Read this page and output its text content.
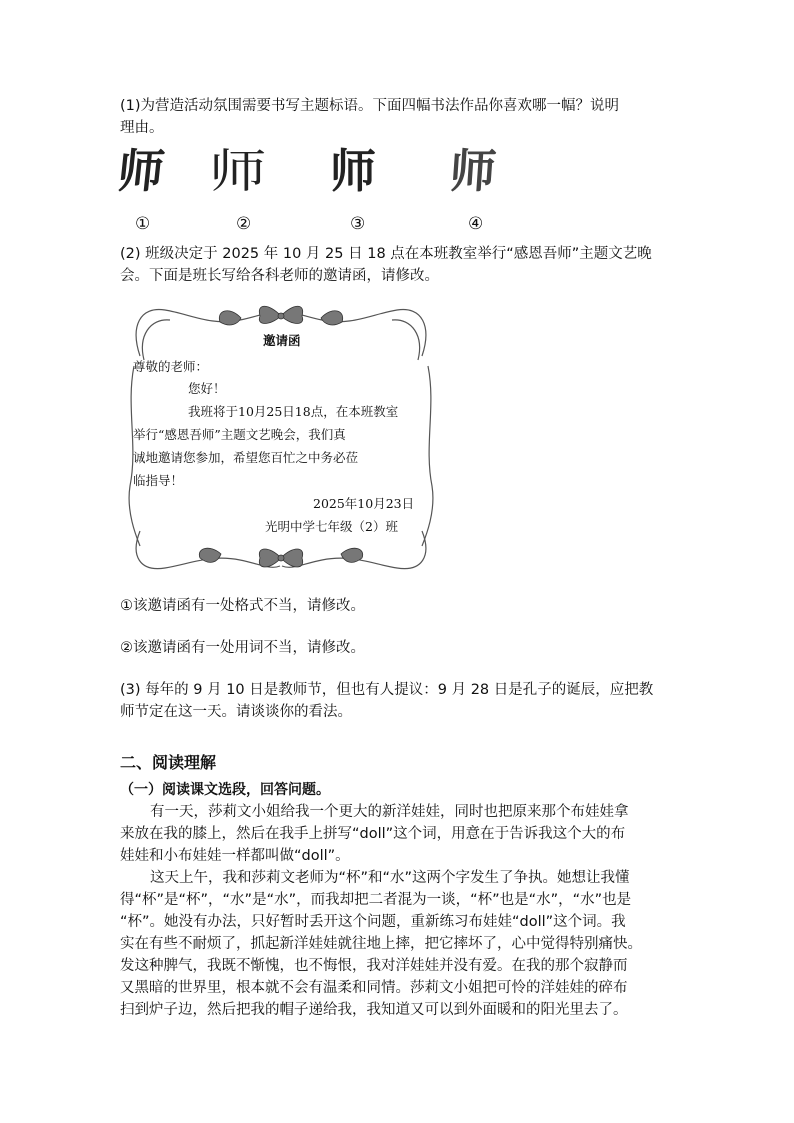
(1)为营造活动氛围需要书写主题标语。下面四幅书法作品你喜欢哪一幅？说明
理由。
师 师 师 师
①	②	③	④
(2) 班级决定于 2025 年 10 月 25 日 18 点在本班教室举行“感恩吾师”主题文艺晚
会。下面是班长写给各科老师的邀请函，请修改。
邀请函
尊敬的老师：
您好！
我班将于10月25日18点，在本班教室
举行“感恩吾师”主题文艺晚会，我们真
诚地邀请您参加，希望您百忙之中务必莅
临指导！
2025年10月23日
光明中学七年级（2）班
①该邀请函有一处格式不当，请修改。
②该邀请函有一处用词不当，请修改。
(3) 每年的 9 月 10 日是教师节，但也有人提议：9 月 28 日是孔子的诞辰，应把教
师节定在这一天。请谈谈你的看法。
二、阅读理解
（一）阅读课文选段，回答问题。
有一天，莎莉文小姐给我一个更大的新洋娃娃，同时也把原来那个布娃娃拿
来放在我的膝上，然后在我手上拼写“doll”这个词，用意在于告诉我这个大的布
娃娃和小布娃娃一样都叫做“doll”。
这天上午，我和莎莉文老师为“杯”和“水”这两个字发生了争执。她想让我懂
得“杯”是“杯”，“水”是“水”，而我却把二者混为一谈，“杯”也是“水”，“水”也是
“杯”。她没有办法，只好暂时丢开这个问题，重新练习布娃娃“doll”这个词。我
实在有些不耐烦了，抓起新洋娃娃就往地上摔，把它摔坏了，心中觉得特别痛快。
发这种脾气，我既不惭愧，也不悔恨，我对洋娃娃并没有爱。在我的那个寂静而
又黑暗的世界里，根本就不会有温柔和同情。莎莉文小姐把可怜的洋娃娃的碎布
扫到炉子边，然后把我的帽子递给我，我知道又可以到外面暖和的阳光里去了。
